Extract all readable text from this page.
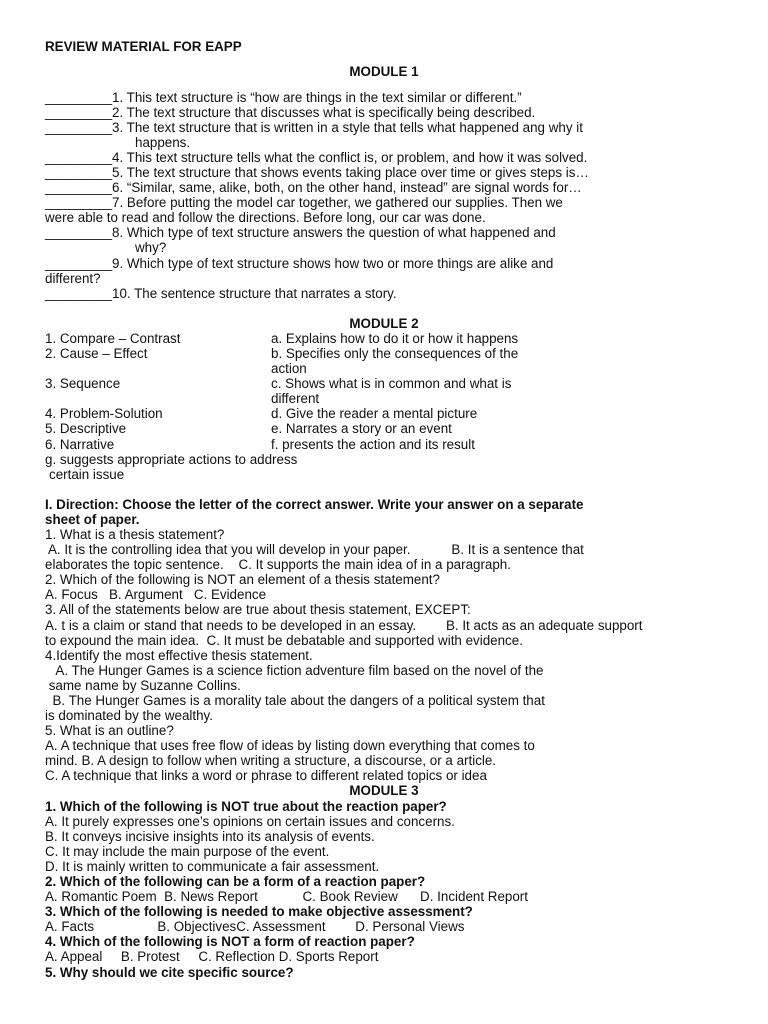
REVIEW MATERIAL FOR EAPP
MODULE 1
_________1. This text structure is “how are things in the text similar or different.”
_________2. The text structure that discusses what is specifically being described.
_________3. The text structure that is written in a style that tells what happened ang why it
happens.
_________4. This text structure tells what the conflict is, or problem, and how it was solved.
_________5. The text structure that shows events taking place over time or gives steps is…
_________6. “Similar, same, alike, both, on the other hand, instead” are signal words for…
_________7. Before putting the model car together, we gathered our supplies. Then we
were able to read and follow the directions. Before long, our car was done.
_________8. Which type of text structure answers the question of what happened and
why?
_________9. Which type of text structure shows how two or more things are alike and
different?
_________10. The sentence structure that narrates a story.
MODULE 2
1. Compare – Contrast
2. Cause – Effect
3. Sequence
4. Problem-Solution
5. Descriptive
6. Narrative
a. Explains how to do it or how it happens
b. Specifies only the consequences of the
action
c. Shows what is in common and what is
different
d. Give the reader a mental picture
e. Narrates a story or an event
f. presents the action and its result
g. suggests appropriate actions to address
certain issue
I. Direction: Choose the letter of the correct answer. Write your answer on a separate
sheet of paper.
1. What is a thesis statement?
A. It is the controlling idea that you will develop in your paper.           B. It is a sentence that
elaborates the topic sentence.    C. It supports the main idea of in a paragraph.
2. Which of the following is NOT an element of a thesis statement?
A. Focus   B. Argument   C. Evidence
3. All of the statements below are true about thesis statement, EXCEPT:
A. t is a claim or stand that needs to be developed in an essay.        B. It acts as an adequate support
to expound the main idea.  C. It must be debatable and supported with evidence.
4.Identify the most effective thesis statement.
A. The Hunger Games is a science fiction adventure film based on the novel of the
same name by Suzanne Collins.
B. The Hunger Games is a morality tale about the dangers of a political system that
is dominated by the wealthy.
5. What is an outline?
A. A technique that uses free flow of ideas by listing down everything that comes to
mind. B. A design to follow when writing a structure, a discourse, or a article.
C. A technique that links a word or phrase to different related topics or idea
MODULE 3
1. Which of the following is NOT true about the reaction paper?
A. It purely expresses one’s opinions on certain issues and concerns.
B. It conveys incisive insights into its analysis of events.
C. It may include the main purpose of the event.
D. It is mainly written to communicate a fair assessment.
2. Which of the following can be a form of a reaction paper?
A. Romantic Poem  B. News Report            C. Book Review      D. Incident Report
3. Which of the following is needed to make objective assessment?
A. Facts                 B. ObjectivesC. Assessment        D. Personal Views
4. Which of the following is NOT a form of reaction paper?
A. Appeal     B. Protest     C. Reflection D. Sports Report
5. Why should we cite specific source?
